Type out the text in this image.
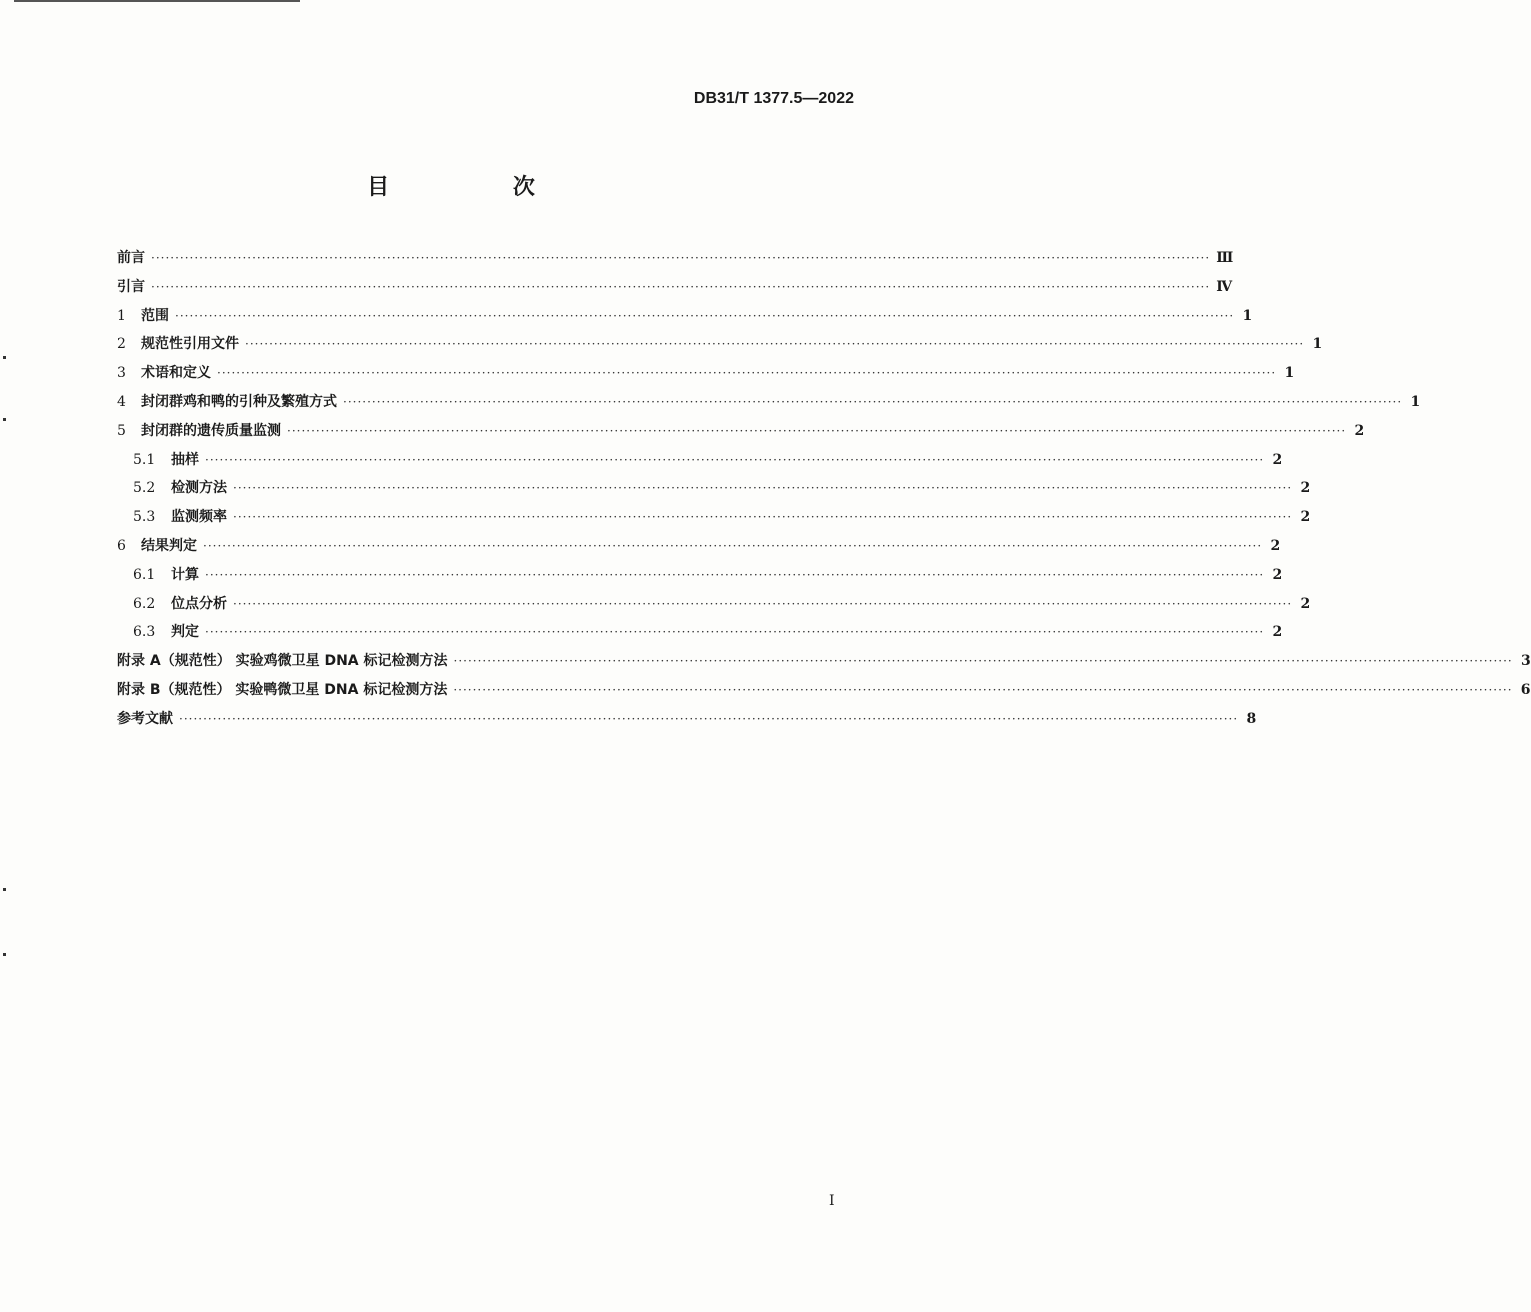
DB31/T 1377.5—2022
目 次
前言 ···························································································································································································································· Ⅲ
引言 ···························································································································································································································· Ⅳ
1 范围 ···························································································································································································································· 1
2 规范性引用文件 ···························································································································································································································· 1
3 术语和定义 ···························································································································································································································· 1
4 封闭群鸡和鸭的引种及繁殖方式 ···························································································································································································································· 1
5 封闭群的遗传质量监测 ···························································································································································································································· 2
5.1 抽样 ···························································································································································································································· 2
5.2 检测方法 ···························································································································································································································· 2
5.3 监测频率 ···························································································································································································································· 2
6 结果判定 ···························································································································································································································· 2
6.1 计算 ···························································································································································································································· 2
6.2 位点分析 ···························································································································································································································· 2
6.3 判定 ···························································································································································································································· 2
附录 A（规范性） 实验鸡微卫星 DNA 标记检测方法 ···························································································································································································································· 3
附录 B（规范性） 实验鸭微卫星 DNA 标记检测方法 ···························································································································································································································· 6
参考文献 ···························································································································································································································· 8
I
